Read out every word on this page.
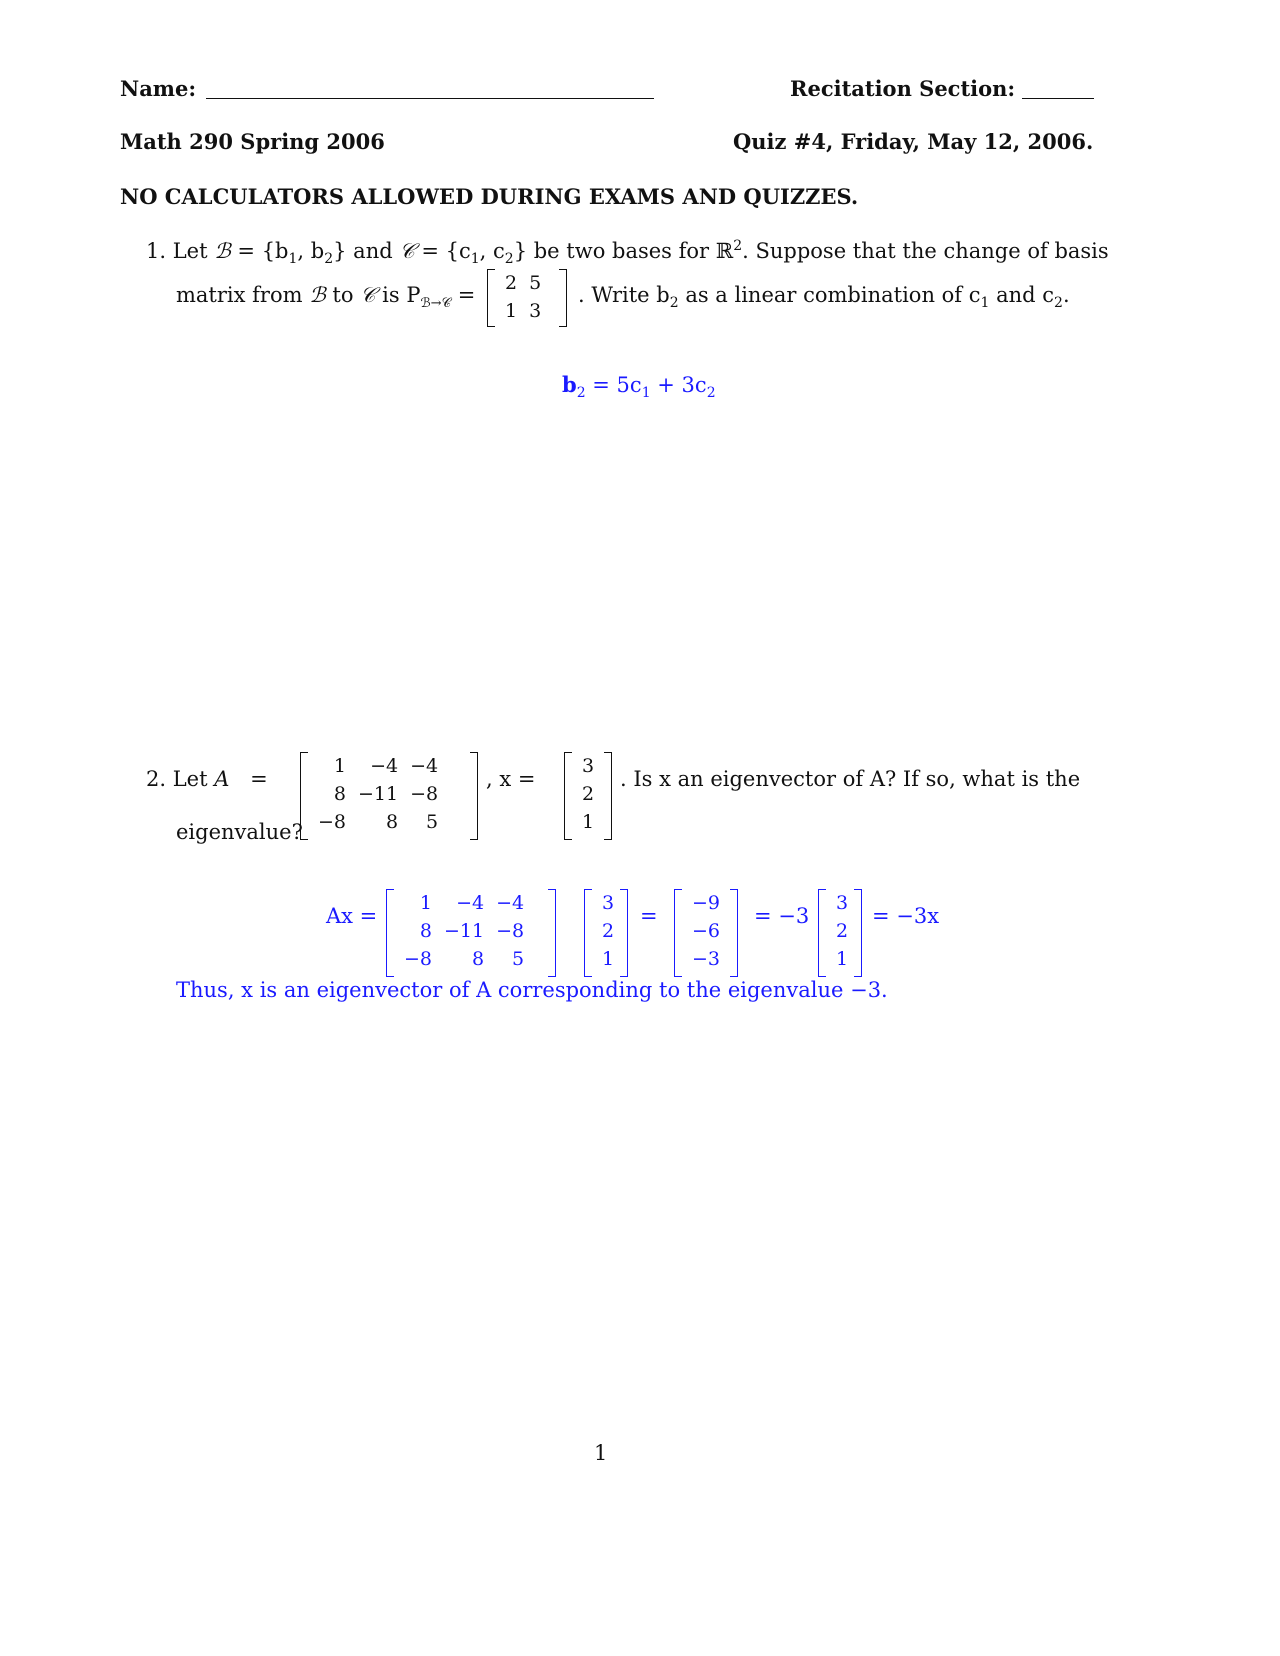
Name:	Recitation Section:
Math 290 Spring 2006	Quiz #4, Friday, May 12, 2006.
NO CALCULATORS ALLOWED DURING EXAMS AND QUIZZES.
1. Let ℬ = {$b_1$, $b_2$} and 𝒞 = {$c_1$, $c_2$} be two bases for ℝ$^2$. Suppose that the change of basis
matrix from ℬ to 𝒞 is $P_{ℬ\to 𝒞} = 2$	5
1	3
. Write $b_2$ as a linear combination of $c_1$ and $c_2$.
$b_2 = 5c_1 + 3c_2$
2. Let A =
1	−4	−4
8	−11	−8
−8	8	5
, x =
3
2
1
. Is x an eigenvector of A? If so, what is the
eigenvalue?
Ax =
1	−4	−4
8	−11	−8
−8	8	5
3
2
1
=
−9
−6
−3
= −3
3
2
1
= −3x
Thus, x is an eigenvector of A corresponding to the eigenvalue −3.
1
